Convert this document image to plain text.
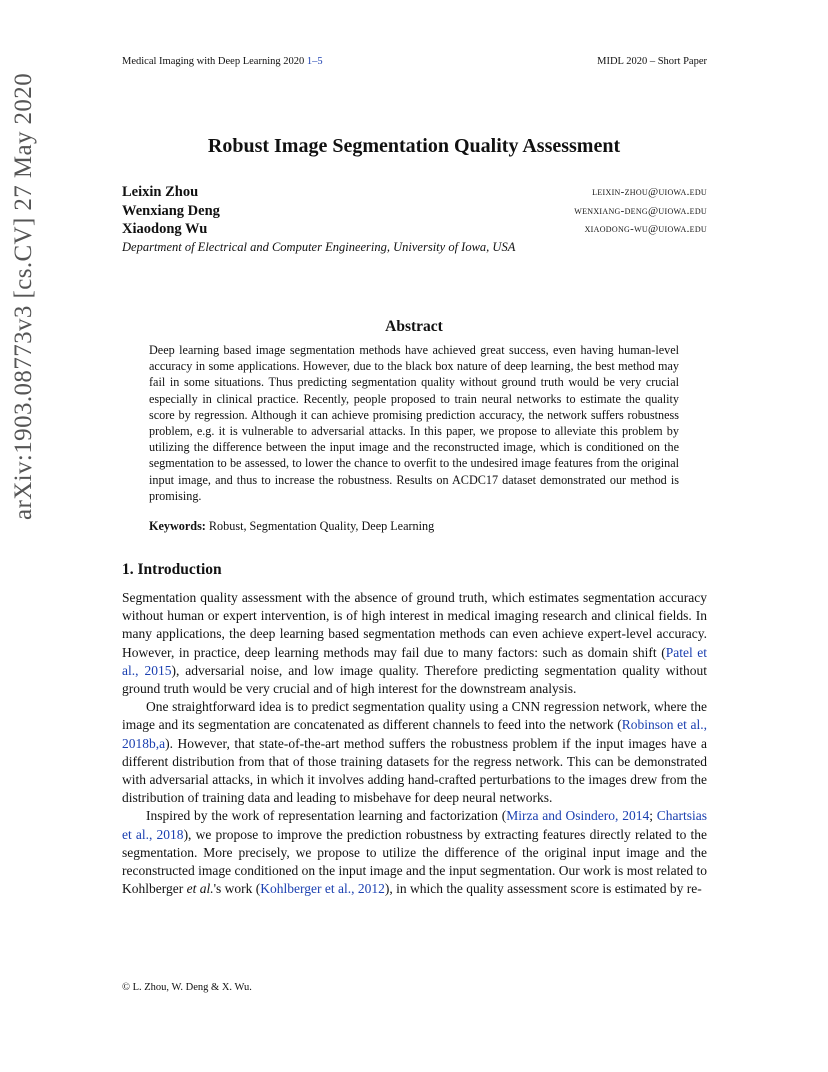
Medical Imaging with Deep Learning 2020 1–5	MIDL 2020 – Short Paper
arXiv:1903.08773v3 [cs.CV] 27 May 2020	Robust Image Segmentation Quality Assessment
Leixin Zhou	leixin-zhou@uiowa.edu
Wenxiang Deng	wenxiang-deng@uiowa.edu
Xiaodong Wu	xiaodong-wu@uiowa.edu
Department of Electrical and Computer Engineering, University of Iowa, USA
Abstract
Deep learning based image segmentation methods have achieved great success, even having human-level accuracy in some applications. However, due to the black box nature of deep learning, the best method may fail in some situations. Thus predicting segmentation quality without ground truth would be very crucial especially in clinical practice. Recently, people proposed to train neural networks to estimate the quality score by regression. Although it can achieve promising prediction accuracy, the network suffers robustness problem, e.g. it is vulnerable to adversarial attacks. In this paper, we propose to alleviate this problem by utilizing the difference between the input image and the reconstructed image, which is conditioned on the segmentation to be assessed, to lower the chance to overfit to the undesired image features from the original input image, and thus to increase the robustness. Results on ACDC17 dataset demonstrated our method is promising.
Keywords: Robust, Segmentation Quality, Deep Learning
1. Introduction

Segmentation quality assessment with the absence of ground truth, which estimates segmentation accuracy without human or expert intervention, is of high interest in medical imaging research and clinical fields. In many applications, the deep learning based segmentation methods can even achieve expert-level accuracy. However, in practice, deep learning methods may fail due to many factors: such as domain shift (Patel et al., 2015), adversarial noise, and low image quality. Therefore predicting segmentation quality without ground truth would be very crucial and of high interest for the downstream analysis.

One straightforward idea is to predict segmentation quality using a CNN regression network, where the image and its segmentation are concatenated as different channels to feed into the network (Robinson et al., 2018b,a). However, that state-of-the-art method suffers the robustness problem if the input images have a different distribution from that of those training datasets for the regress network. This can be demonstrated with adversarial attacks, in which it involves adding hand-crafted perturbations to the images drew from the distribution of training data and leading to misbehave for deep neural networks.

Inspired by the work of representation learning and factorization (Mirza and Osindero, 2014; Chartsias et al., 2018), we propose to improve the prediction robustness by extracting features directly related to the segmentation. More precisely, we propose to utilize the difference of the original input image and the reconstructed image conditioned on the input image and the input segmentation. Our work is most related to Kohlberger et al.'s work (Kohlberger et al., 2012), in which the quality assessment score is estimated by re-

© L. Zhou, W. Deng & X. Wu.
